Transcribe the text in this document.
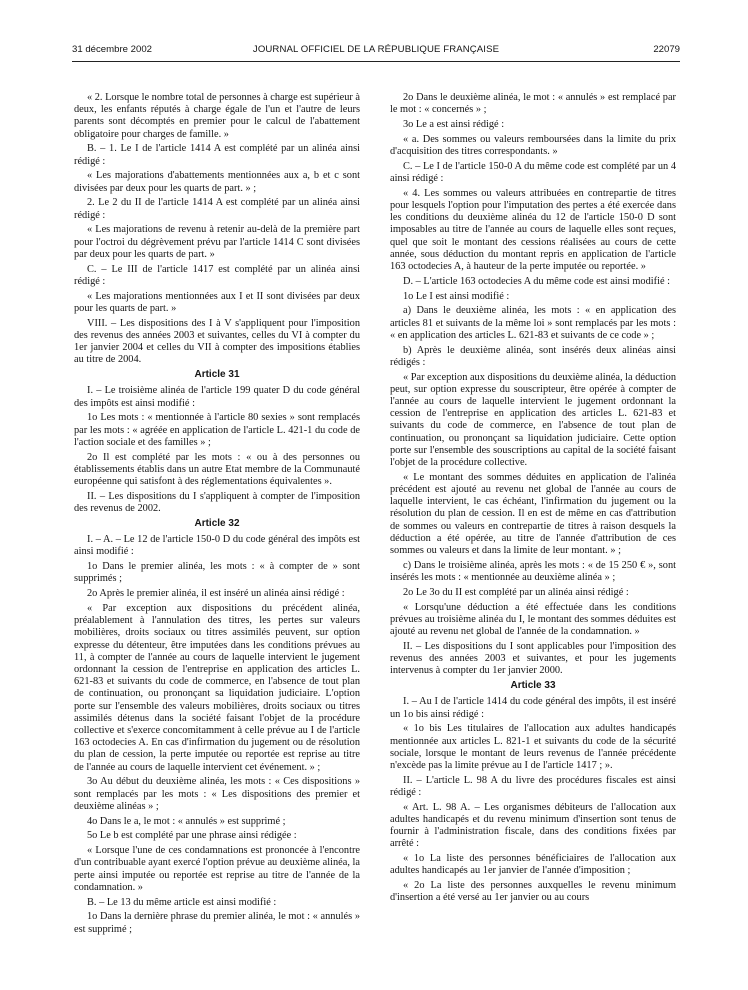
31 décembre 2002	JOURNAL OFFICIEL DE LA RÉPUBLIQUE FRANÇAISE	22079

« 2. Lorsque le nombre total de personnes à charge est supérieur à deux, les enfants réputés à charge égale de l'un et l'autre de leurs parents sont décomptés en premier pour le calcul de l'abattement obligatoire pour charges de famille. »

B. – 1. Le I de l'article 1414 A est complété par un alinéa ainsi rédigé :

« Les majorations d'abattements mentionnées aux a, b et c sont divisées par deux pour les quarts de part. » ;

2. Le 2 du II de l'article 1414 A est complété par un alinéa ainsi rédigé :

« Les majorations de revenu à retenir au-delà de la première part pour l'octroi du dégrèvement prévu par l'article 1414 C sont divisées par deux pour les quarts de part. »

C. – Le III de l'article 1417 est complété par un alinéa ainsi rédigé :

« Les majorations mentionnées aux I et II sont divisées par deux pour les quarts de part. »

VIII. – Les dispositions des I à V s'appliquent pour l'imposition des revenus des années 2003 et suivantes, celles du VI à compter du 1er janvier 2004 et celles du VII à compter des impositions établies au titre de 2004.

Article 31

I. – Le troisième alinéa de l'article 199 quater D du code général des impôts est ainsi modifié :

1o Les mots : « mentionnée à l'article 80 sexies » sont remplacés par les mots : « agréée en application de l'article L. 421-1 du code de l'action sociale et des familles » ;

2o Il est complété par les mots : « ou à des personnes ou établissements établis dans un autre Etat membre de la Communauté européenne qui satisfont à des réglementations équivalentes ».

II. – Les dispositions du I s'appliquent à compter de l'imposition des revenus de 2002.

Article 32

I. – A. – Le 12 de l'article 150-0 D du code général des impôts est ainsi modifié :

1o Dans le premier alinéa, les mots : « à compter de » sont supprimés ;

2o Après le premier alinéa, il est inséré un alinéa ainsi rédigé :

« Par exception aux dispositions du précédent alinéa, préalablement à l'annulation des titres, les pertes sur valeurs mobilières, droits sociaux ou titres assimilés peuvent, sur option expresse du détenteur, être imputées dans les conditions prévues au 11, à compter de l'année au cours de laquelle intervient le jugement ordonnant la cession de l'entreprise en application des articles L. 621-83 et suivants du code de commerce, en l'absence de tout plan de continuation, ou prononçant sa liquidation judiciaire. L'option porte sur l'ensemble des valeurs mobilières, droits sociaux ou titres assimilés détenus dans la société faisant l'objet de la procédure collective et s'exerce concomitamment à celle prévue au I de l'article 163 octodecies A. En cas d'infirmation du jugement ou de résolution du plan de cession, la perte imputée ou reportée est reprise au titre de l'année au cours de laquelle intervient cet événement. » ;

3o Au début du deuxième alinéa, les mots : « Ces dispositions » sont remplacés par les mots : « Les dispositions des premier et deuxième alinéas » ;

4o Dans le a, le mot : « annulés » est supprimé ;

5o Le b est complété par une phrase ainsi rédigée :

« Lorsque l'une de ces condamnations est prononcée à l'encontre d'un contribuable ayant exercé l'option prévue au deuxième alinéa, la perte ainsi imputée ou reportée est reprise au titre de l'année de la condamnation. »

B. – Le 13 du même article est ainsi modifié :

1o Dans la dernière phrase du premier alinéa, le mot : « annulés » est supprimé ;

2o Dans le deuxième alinéa, le mot : « annulés » est remplacé par le mot : « concernés » ;

3o Le a est ainsi rédigé :

« a. Des sommes ou valeurs remboursées dans la limite du prix d'acquisition des titres correspondants. »

C. – Le I de l'article 150-0 A du même code est complété par un 4 ainsi rédigé :

« 4. Les sommes ou valeurs attribuées en contrepartie de titres pour lesquels l'option pour l'imputation des pertes a été exercée dans les conditions du deuxième alinéa du 12 de l'article 150-0 D sont imposables au titre de l'année au cours de laquelle elles sont reçues, quel que soit le montant des cessions réalisées au cours de cette année, sous déduction du montant repris en application de l'article 163 octodecies A, à hauteur de la perte imputée ou reportée. »

D. – L'article 163 octodecies A du même code est ainsi modifié :

1o Le I est ainsi modifié :

a) Dans le deuxième alinéa, les mots : « en application des articles 81 et suivants de la même loi » sont remplacés par les mots : « en application des articles L. 621-83 et suivants de ce code » ;

b) Après le deuxième alinéa, sont insérés deux alinéas ainsi rédigés :

« Par exception aux dispositions du deuxième alinéa, la déduction peut, sur option expresse du souscripteur, être opérée à compter de l'année au cours de laquelle intervient le jugement ordonnant la cession de l'entreprise en application des articles L. 621-83 et suivants du code de commerce, en l'absence de tout plan de continuation, ou prononçant sa liquidation judiciaire. Cette option porte sur l'ensemble des souscriptions au capital de la société faisant l'objet de la procédure collective.

« Le montant des sommes déduites en application de l'alinéa précédent est ajouté au revenu net global de l'année au cours de laquelle intervient, le cas échéant, l'infirmation du jugement ou la résolution du plan de cession. Il en est de même en cas d'attribution de sommes ou valeurs en contrepartie de titres à raison desquels la déduction a été opérée, au titre de l'année d'attribution de ces sommes ou valeurs et dans la limite de leur montant. » ;

c) Dans le troisième alinéa, après les mots : « de 15 250 € », sont insérés les mots : « mentionnée au deuxième alinéa » ;

2o Le 3o du II est complété par un alinéa ainsi rédigé :

« Lorsqu'une déduction a été effectuée dans les conditions prévues au troisième alinéa du I, le montant des sommes déduites est ajouté au revenu net global de l'année de la condamnation. »

II. – Les dispositions du I sont applicables pour l'imposition des revenus des années 2003 et suivantes, et pour les jugements intervenus à compter du 1er janvier 2000.

Article 33

I. – Au I de l'article 1414 du code général des impôts, il est inséré un 1o bis ainsi rédigé :

« 1o bis Les titulaires de l'allocation aux adultes handicapés mentionnée aux articles L. 821-1 et suivants du code de la sécurité sociale, lorsque le montant de leurs revenus de l'année précédente n'excède pas la limite prévue au I de l'article 1417 ; ».

II. – L'article L. 98 A du livre des procédures fiscales est ainsi rédigé :

« Art. L. 98 A. – Les organismes débiteurs de l'allocation aux adultes handicapés et du revenu minimum d'insertion sont tenus de fournir à l'administration fiscale, dans des conditions fixées par arrêté :

« 1o La liste des personnes bénéficiaires de l'allocation aux adultes handicapés au 1er janvier de l'année d'imposition ;

« 2o La liste des personnes auxquelles le revenu minimum d'insertion a été versé au 1er janvier ou au cours
